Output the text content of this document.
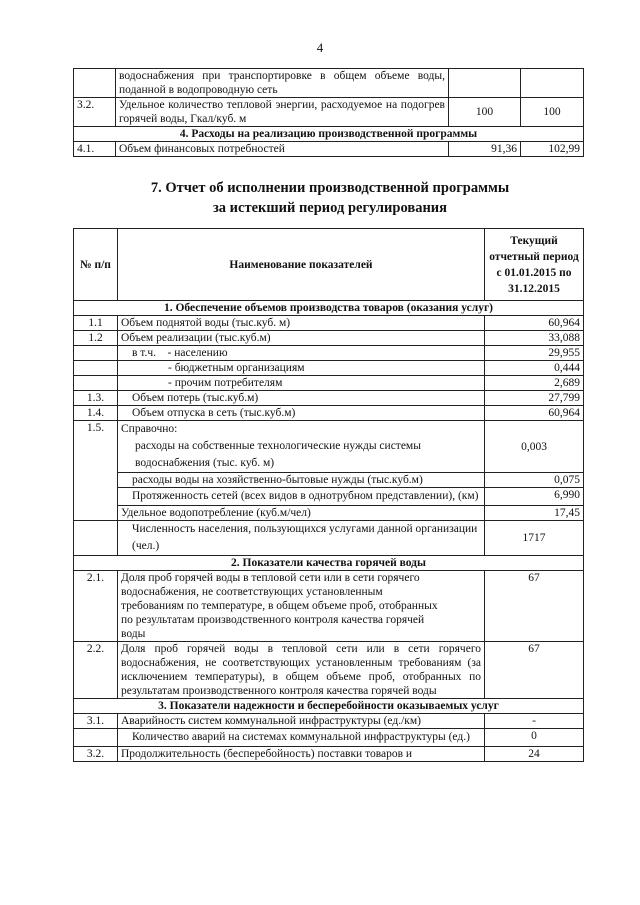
4
	водоснабжения при транспортировке в общем объеме воды, поданной в водопроводную сеть		
3.2.	Удельное количество тепловой энергии, расходуемое на подогрев горячей воды, Гкал/куб. м	100	100
4. Расходы на реализацию производственной программы			
4.1.	Объем финансовых потребностей	91,36	102,99
7. Отчет об исполнении производственной программы
за истекший период регулирования
№ п/п	Наименование показателей	Текущий отчетный период с 01.01.2015 по 31.12.2015
1. Обеспечение объемов производства товаров (оказания услуг)		
1.1	Объем поднятой воды (тыс.куб. м)	60,964
1.2	Объем реализации (тыс.куб.м)	33,088
	в т.ч.    - населению	29,955
	- бюджетным организациям	0,444
	- прочим потребителям	2,689
1.3.	Объем потерь (тыс.куб.м)	27,799
1.4.	Объем отпуска в сеть (тыс.куб.м)	60,964
1.5.	Справочно:
расходы на собственные технологические нужды системы водоснабжения (тыс. куб. м)	0,003
	расходы воды на хозяйственно-бытовые нужды (тыс.куб.м)	0,075
	Протяженность сетей (всех видов в однотрубном представлении), (км)	6,990
	Удельное водопотребление (куб.м/чел)	17,45
	Численность населения, пользующихся услугами данной организации (чел.)	1717
2. Показатели качества горячей воды		
2.1.	Доля проб горячей воды в тепловой сети или в сети горячего водоснабжения, не соответствующих установленным требованиям по температуре, в общем объеме проб, отобранных по результатам производственного контроля качества горячей воды	67
2.2.	Доля проб горячей воды в тепловой сети или в сети горячего водоснабжения, не соответствующих установленным требованиям (за исключением температуры), в общем объеме проб, отобранных по результатам производственного контроля качества горячей воды	67
3. Показатели надежности и бесперебойности оказываемых услуг		
3.1.	Аварийность систем коммунальной инфраструктуры (ед./км)	-
	Количество аварий на системах коммунальной инфраструктуры (ед.)	0
3.2.	Продолжительность (бесперебойность) поставки товаров и	24
